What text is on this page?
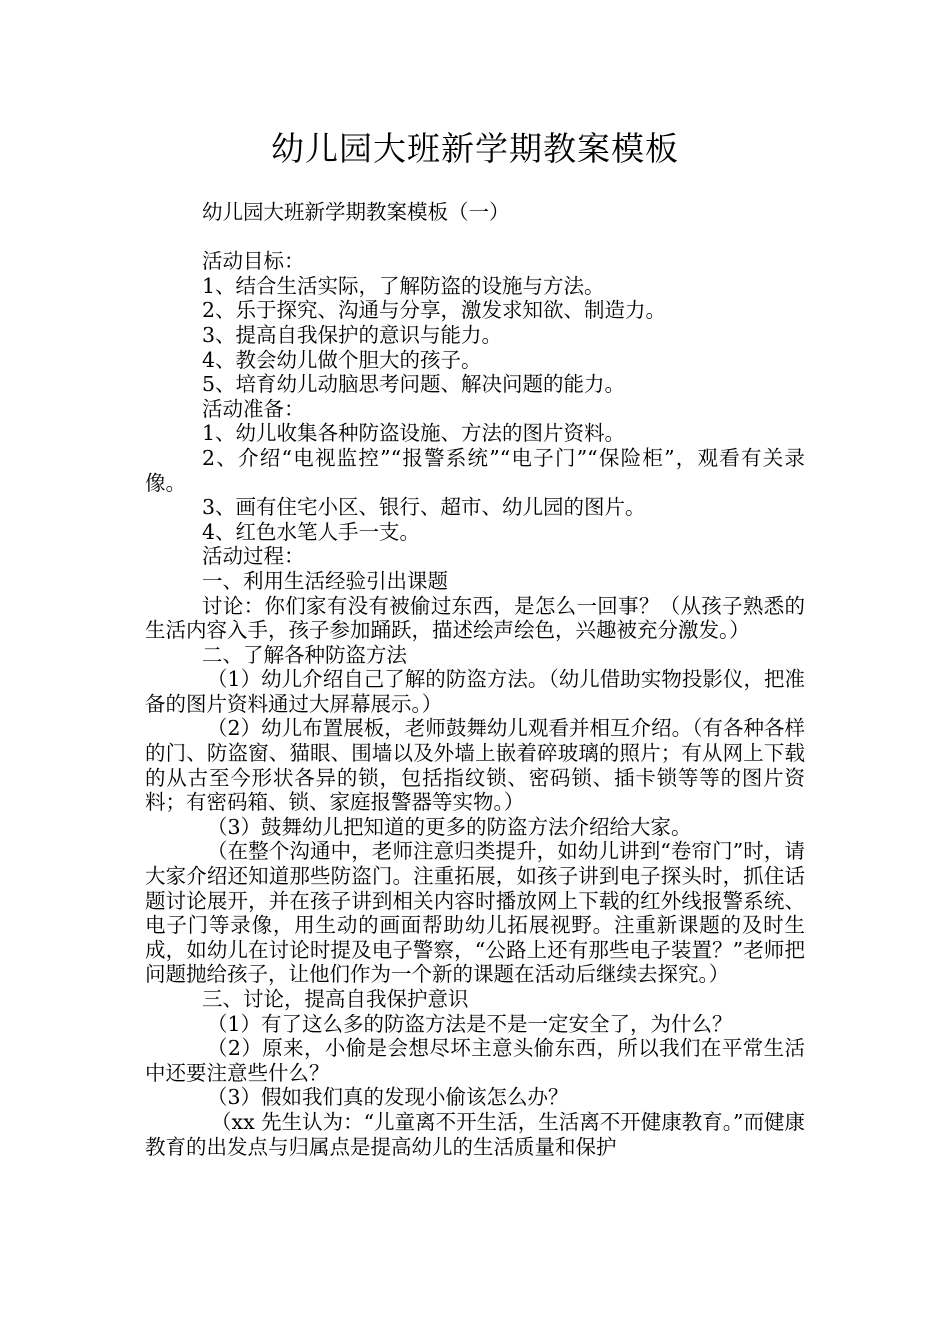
幼儿园大班新学期教案模板

幼儿园大班新学期教案模板（一）

活动目标：

1、结合生活实际，了解防盗的设施与方法。

2、乐于探究、沟通与分享，激发求知欲、制造力。

3、提高自我保护的意识与能力。

4、教会幼儿做个胆大的孩子。

5、培育幼儿动脑思考问题、解决问题的能力。

活动准备：

1、幼儿收集各种防盗设施、方法的图片资料。

2、介绍“电视监控”“报警系统”“电子门”“保险柜”，观看有关录像。

3、画有住宅小区、银行、超市、幼儿园的图片。

4、红色水笔人手一支。

活动过程：

一、利用生活经验引出课题

讨论：你们家有没有被偷过东西，是怎么一回事？（从孩子熟悉的生活内容入手，孩子参加踊跃，描述绘声绘色，兴趣被充分激发。）

二、了解各种防盗方法

（1）幼儿介绍自己了解的防盗方法。（幼儿借助实物投影仪，把准备的图片资料通过大屏幕展示。）

（2）幼儿布置展板，老师鼓舞幼儿观看并相互介绍。（有各种各样的门、防盗窗、猫眼、围墙以及外墙上嵌着碎玻璃的照片；有从网上下载的从古至今形状各异的锁，包括指纹锁、密码锁、插卡锁等等的图片资料；有密码箱、锁、家庭报警器等实物。）

（3）鼓舞幼儿把知道的更多的防盗方法介绍给大家。

（在整个沟通中，老师注意归类提升，如幼儿讲到“卷帘门”时，请大家介绍还知道那些防盗门。注重拓展，如孩子讲到电子探头时，抓住话题讨论展开，并在孩子讲到相关内容时播放网上下载的红外线报警系统、电子门等录像，用生动的画面帮助幼儿拓展视野。注重新课题的及时生成，如幼儿在讨论时提及电子警察，“公路上还有那些电子装置？”老师把问题抛给孩子，让他们作为一个新的课题在活动后继续去探究。）

三、讨论，提高自我保护意识

（1）有了这么多的防盗方法是不是一定安全了，为什么？

（2）原来，小偷是会想尽坏主意头偷东西，所以我们在平常生活中还要注意些什么？

（3）假如我们真的发现小偷该怎么办？

（xx 先生认为：“儿童离不开生活，生活离不开健康教育。”而健康教育的出发点与归属点是提高幼儿的生活质量和保护
